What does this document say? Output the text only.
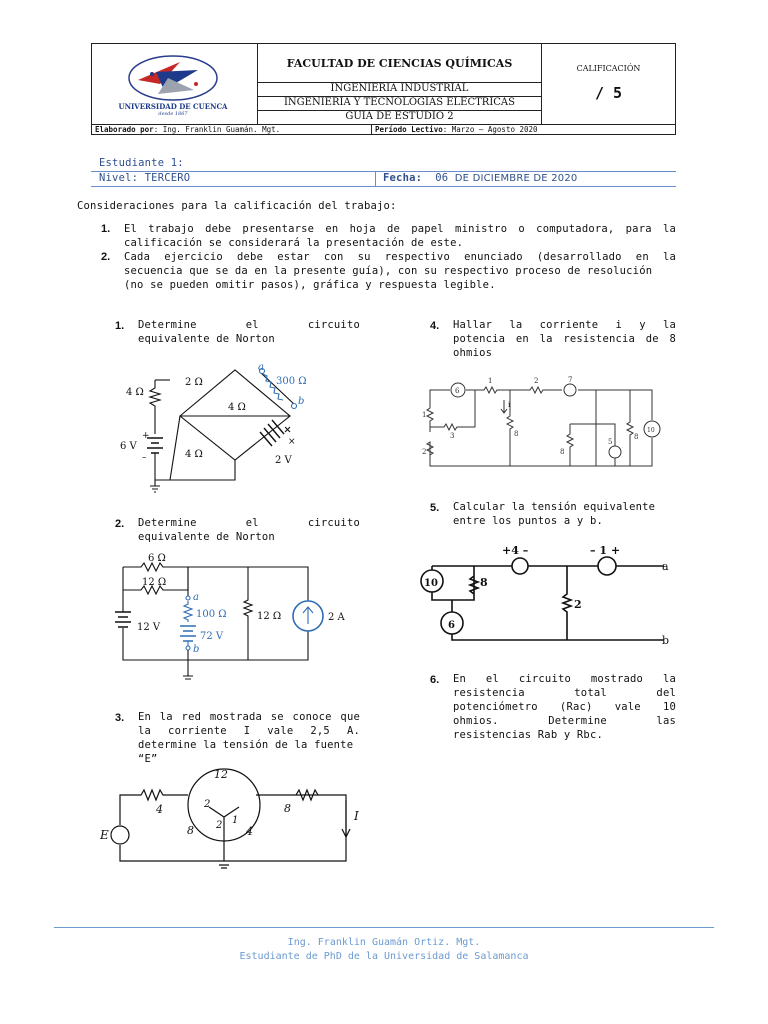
UNIVERSIDAD DE CUENCA
desde 1867
FACULTAD DE CIENCIAS QUÍMICAS
INGENIERIA INDUSTRIAL
INGENIERIA Y TECNOLOGIAS ELECTRICAS
GUIA DE ESTUDIO 2
CALIFICACIÓN
/ 5
Elaborado por: Ing. Franklin Guamán. Mgt.	Período Lectivo: Marzo – Agosto 2020
Estudiante 1:
Nivel: TERCERO	Fecha: 06 DE DICIEMBRE DE 2020
Consideraciones para la calificación del trabajo:
1. El trabajo debe presentarse en hoja de papel ministro o computadora, para la
calificación se considerará la presentación de este.
2. Cada ejercicio debe estar con su respectivo enunciado (desarrollado en la
secuencia que se da en la presente guía), con su respectivo proceso de resolución
(no se pueden omitir pasos), gráfica y respuesta legible.
1. Determine el circuito
equivalente de Norton
2. Determine el circuito
equivalente de Norton
3. En la red mostrada se conoce que
la corriente I vale 2,5 A.
determine la tensión de la fuente
“E”
4. Hallar la corriente i y la
potencia en la resistencia de 8
ohmios
5. Calcular la tensión equivalente
entre los puntos a y b.
6. En el circuito mostrado la
resistencia total del
potenciómetro (Rac) vale 10
ohmios. Determine las
resistencias Rab y Rbc.
4 Ω
2 Ω
4 Ω
4 Ω
300 Ω
a
b
6 V
+
–	2 V
×
6 Ω
12 Ω
100 Ω	12 Ω
12 V
72 V
2 A
a
b
4
12
8
2
1
2
8	4
E
I
6
1	2	7
1
8
3
2	8
5
8
10
i
+4 –	– 1 +
10
6
8
2
a
b
Ing. Franklin Guamán Ortiz. Mgt.
Estudiante de PhD de la Universidad de Salamanca
